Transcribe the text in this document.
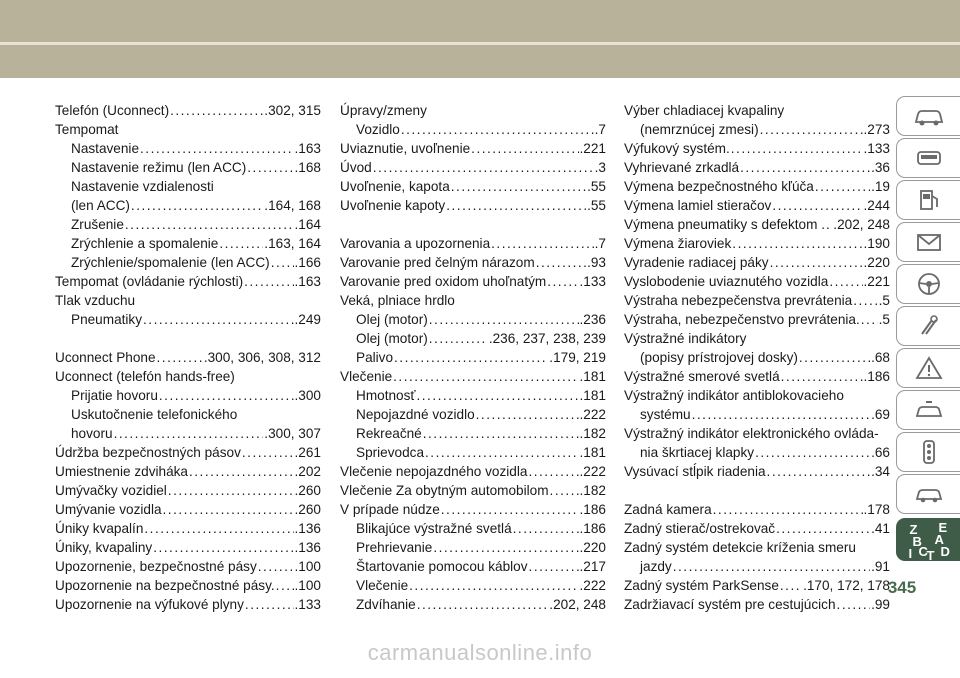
Telefón (Uconnect) .....	.302, 315
Tempomat
Nastavenie .....	.163
Nastavenie režimu (len ACC) .....	.168
Nastavenie vzdialenosti
(len ACC) .....	.164, 168
Zrušenie .....	.164
Zrýchlenie a spomalenie .....	.163, 164
Zrýchlenie/spomalenie (len ACC) ..... .166
Tempomat (ovládanie rýchlosti) .....	.163
Tlak vzduchu
Pneumatiky .....	.249
Uconnect Phone .....	.300, 306, 308, 312
Uconnect (telefón hands-free)
Prijatie hovoru .....	.300
Uskutočnenie telefonického
hovoru .....	.300, 307
Údržba bezpečnostných pásov .....	.261
Umiestnenie zdviháka .....	.202
Umývačky vozidiel .....	.260
Umývanie vozidla .....	.260
Úniky kvapalín .....	.136
Úniky, kvapaliny .....	.136
Upozornenie, bezpečnostné pásy .....	.100
Upozornenie na bezpečnostné pásy. ..... .100
Upozornenie na výfukové plyny .....	.133
Úpravy/zmeny
Vozidlo .....	.7
Uviaznutie, uvoľnenie .....	.221
Úvod .....	.3
Uvoľnenie, kapota .....	.55
Uvoľnenie kapoty .....	.55
Varovania a upozornenia .....	.7
Varovanie pred čelným nárazom .....	.93
Varovanie pred oxidom uhoľnatým ..... .133
Veká, plniace hrdlo
Olej (motor) .....	.236
Olej (motor) .....	.236, 237, 238, 239
Palivo .....	.179, 219
Vlečenie .....	.181
Hmotnosť .....	.181
Nepojazdné vozidlo .....	.222
Rekreačné .....	.182
Sprievodca .....	.181
Vlečenie nepojazdného vozidla .....	.222
Vlečenie Za obytným automobilom ..... .182
V prípade núdze .....	.186
Blikajúce výstražné svetlá .....	.186
Prehrievanie .....	.220
Štartovanie pomocou káblov .....	.217
Vlečenie .....	.222
Zdvíhanie .....	.202, 248
Výber chladiacej kvapaliny
(nemrznúcej zmesi) .....	.273
Výfukový systém. .....	.133
Vyhrievané zrkadlá .....	.36
Výmena bezpečnostného kľúča .....	.19
Výmena lamiel stieračov .....	.244
Výmena pneumatiky s defektom . ..... .202, 248
Výmena žiaroviek .....	.190
Vyradenie radiacej páky .....	.220
Vyslobodenie uviaznutého vozidla .....	.221
Výstraha nebezpečenstva prevrátenia ..... .5
Výstraha, nebezpečenstvo prevrátenia. ..... .5
Výstražné indikátory
(popisy prístrojovej dosky) .....	.68
Výstražné smerové svetlá .....	.186
Výstražný indikátor antiblokovacieho
systému .....	.69
Výstražný indikátor elektronického ovláda-
nia škrtiacej klapky .....	.66
Vysúvací stĺpik riadenia .....	.34
Zadná kamera .....	.178
Zadný stierač/ostrekovač .....	.41
Zadný systém detekcie kríženia smeru
jazdy .....	.91
Zadný systém ParkSense ..... .170, 172, 178
Zadržiavací systém pre cestujúcich .....	.99
Z E
B A
I C
T D
345
carmanualsonline.info
